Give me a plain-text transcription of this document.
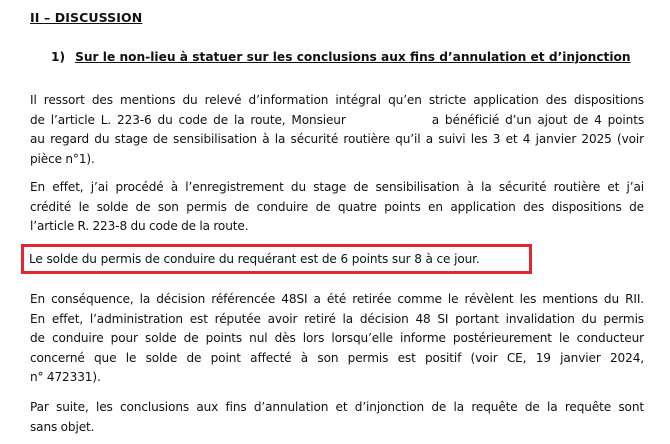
II – DISCUSSION
1) Sur le non-lieu à statuer sur les conclusions aux fins d’annulation et d’injonction
Il ressort des mentions du relevé d’information intégral qu’en stricte application des dispositions
de l’article L. 223-6 du code de la route, Monsieur	a bénéficié d’un ajout de 4 points
au regard du stage de sensibilisation à la sécurité routière qu’il a suivi les 3 et 4 janvier 2025 (voir
pièce n°1).
En effet, j’ai procédé à l’enregistrement du stage de sensibilisation à la sécurité routière et j’ai
crédité le solde de son permis de conduire de quatre points en application des dispositions de
l’article R. 223-8 du code de la route.
Le solde du permis de conduire du requérant est de 6 points sur 8 à ce jour.
En conséquence, la décision référencée 48SI a été retirée comme le révèlent les mentions du RII.
En effet, l’administration est réputée avoir retiré la décision 48 SI portant invalidation du permis
de conduire pour solde de points nul dès lors lorsqu’elle informe postérieurement le conducteur
concerné que le solde de point affecté à son permis est positif (voir CE, 19 janvier 2024,
n° 472331).
Par suite, les conclusions aux fins d’annulation et d’injonction de la requête de la requête sont
sans objet.
